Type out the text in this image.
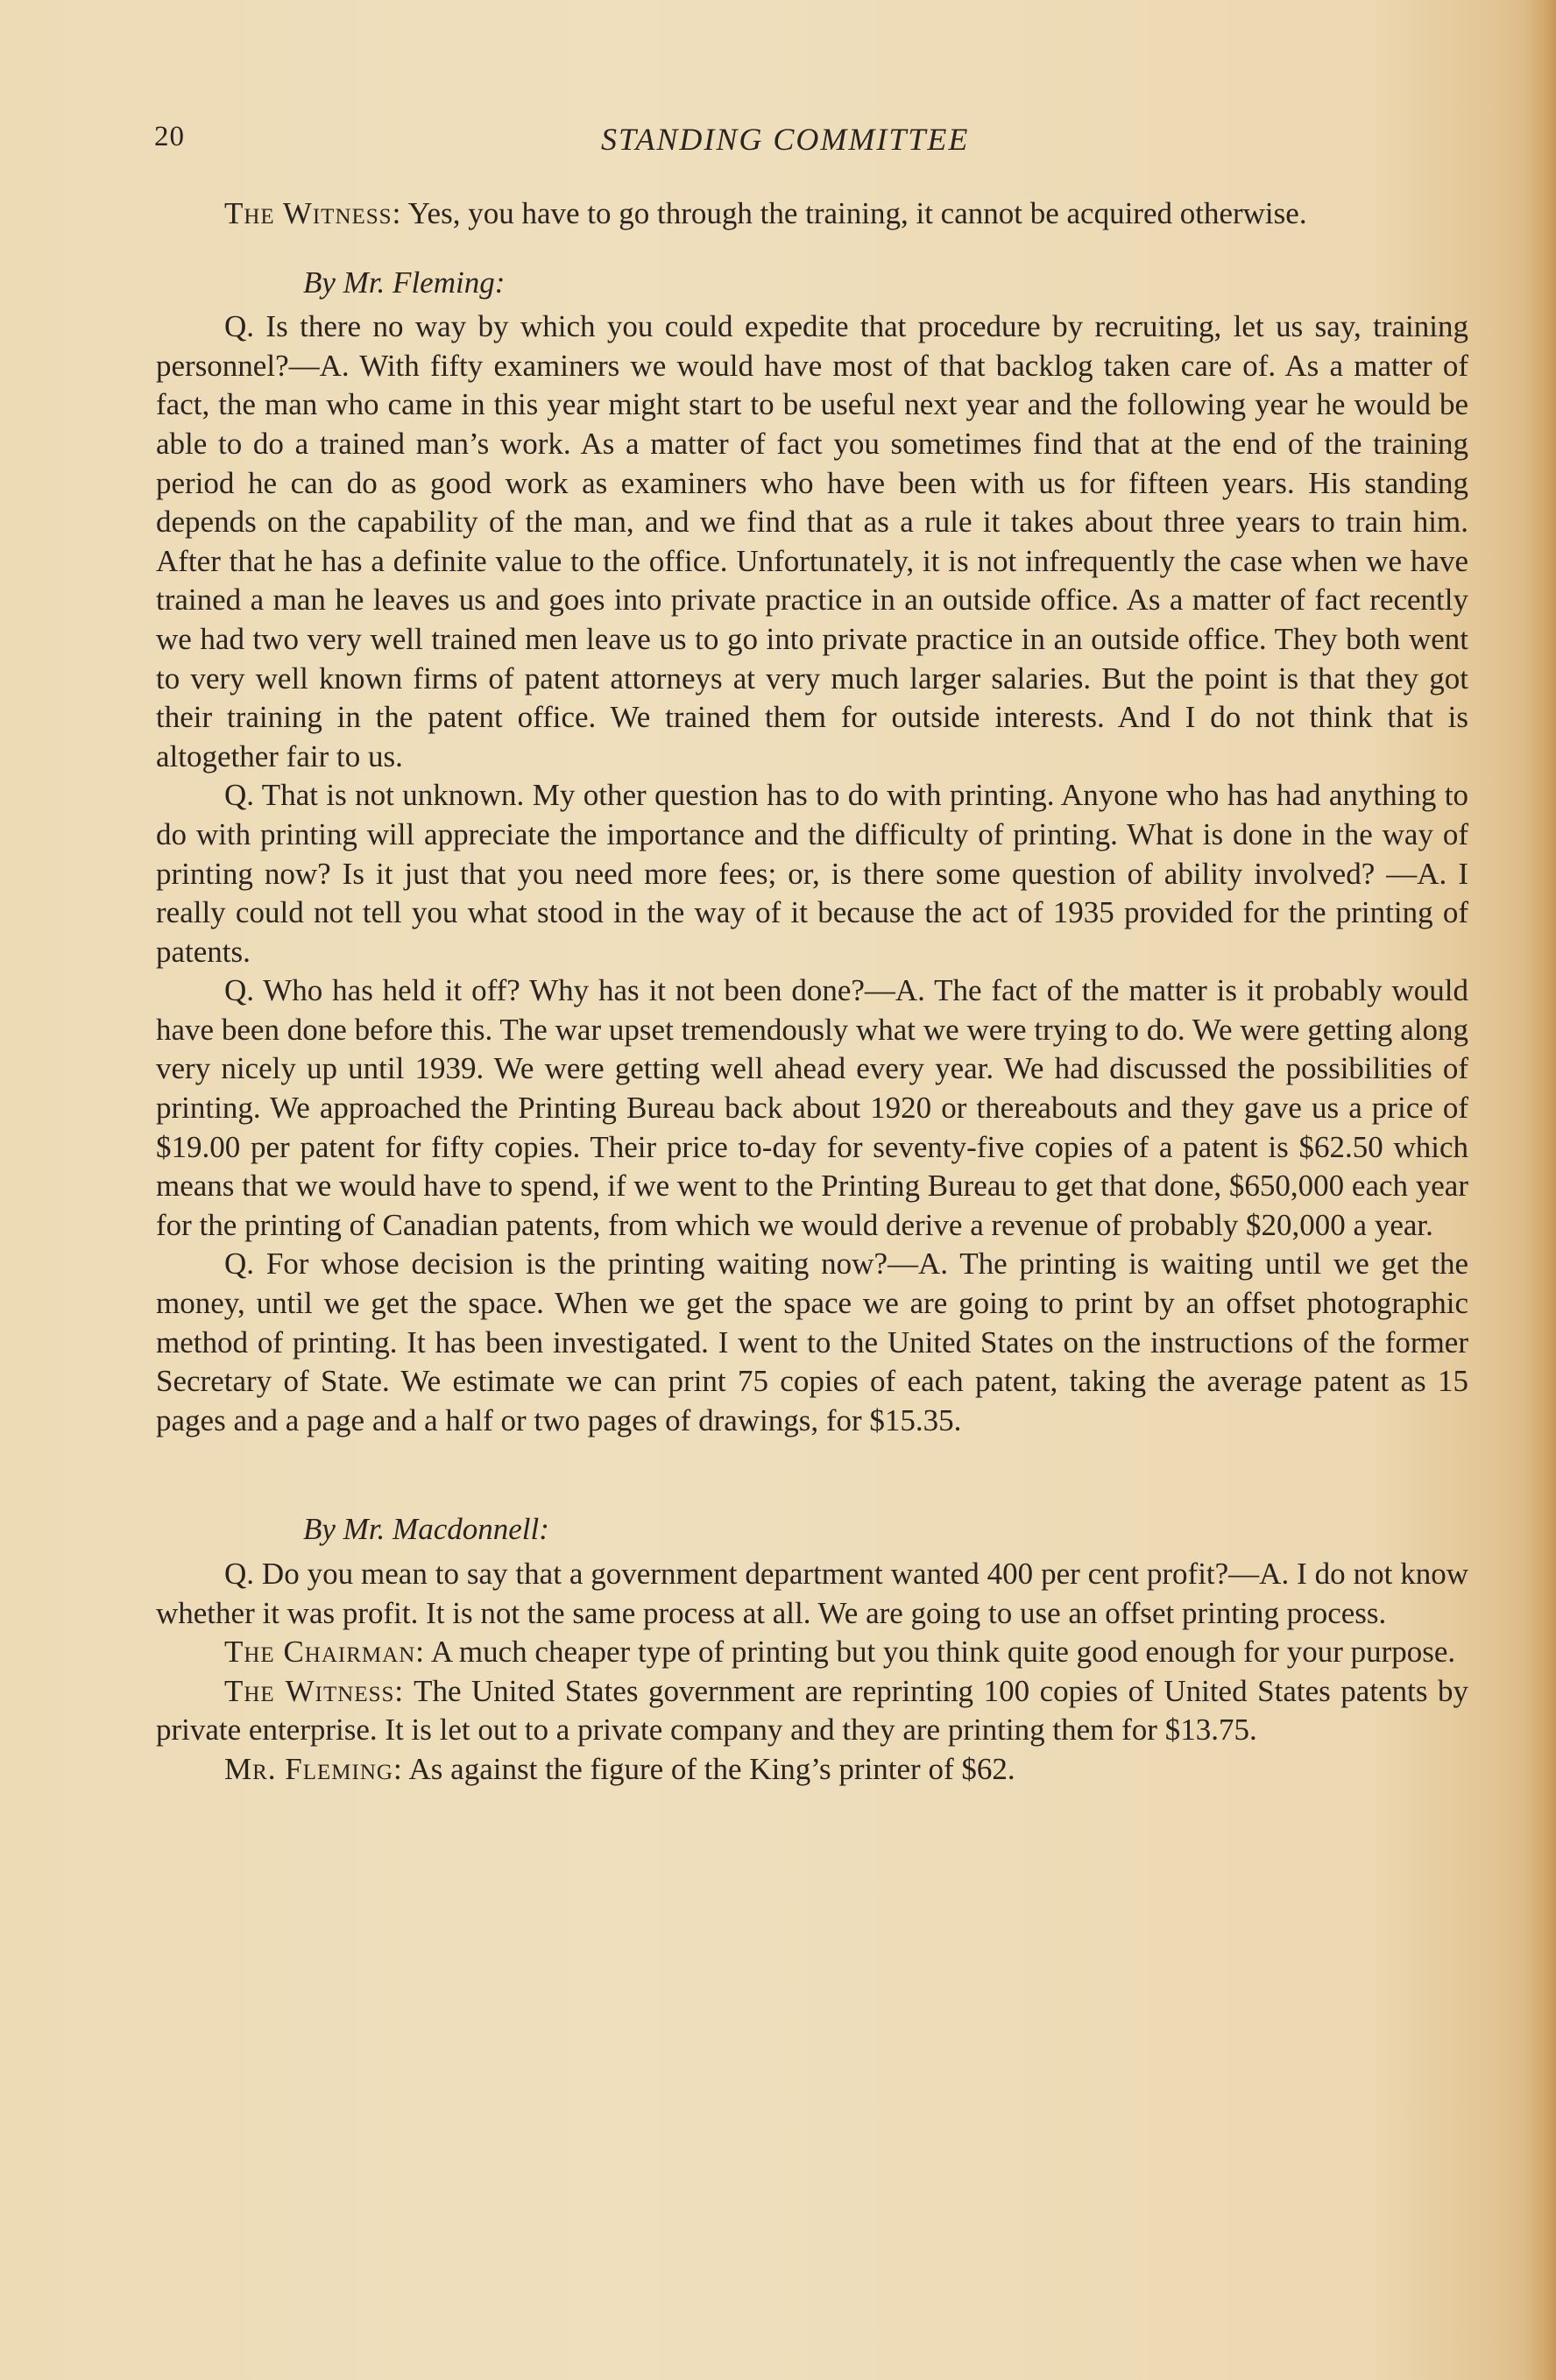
20	STANDING COMMITTEE

The Witness: Yes, you have to go through the training, it cannot be acquired otherwise.

By Mr. Fleming:

Q. Is there no way by which you could expedite that procedure by recruiting, let us say, training personnel?—A. With fifty examiners we would have most of that backlog taken care of. As a matter of fact, the man who came in this year might start to be useful next year and the following year he would be able to do a trained man’s work. As a matter of fact you sometimes find that at the end of the training period he can do as good work as examiners who have been with us for fifteen years. His standing depends on the capability of the man, and we find that as a rule it takes about three years to train him. After that he has a definite value to the office. Unfortunately, it is not infrequently the case when we have trained a man he leaves us and goes into private practice in an outside office. As a matter of fact recently we had two very well trained men leave us to go into private practice in an outside office. They both went to very well known firms of patent attorneys at very much larger salaries. But the point is that they got their training in the patent office. We trained them for outside interests. And I do not think that is altogether fair to us.

Q. That is not unknown. My other question has to do with printing. Anyone who has had anything to do with printing will appreciate the importance and the difficulty of printing. What is done in the way of printing now? Is it just that you need more fees; or, is there some question of ability involved? —A. I really could not tell you what stood in the way of it because the act of 1935 provided for the printing of patents.

Q. Who has held it off? Why has it not been done?—A. The fact of the matter is it probably would have been done before this. The war upset tremendously what we were trying to do. We were getting along very nicely up until 1939. We were getting well ahead every year. We had discussed the possibilities of printing. We approached the Printing Bureau back about 1920 or thereabouts and they gave us a price of $19.00 per patent for fifty copies. Their price to-day for seventy-five copies of a patent is $62.50 which means that we would have to spend, if we went to the Printing Bureau to get that done, $650,000 each year for the printing of Canadian patents, from which we would derive a revenue of probably $20,000 a year.

Q. For whose decision is the printing waiting now?—A. The printing is waiting until we get the money, until we get the space. When we get the space we are going to print by an offset photographic method of printing. It has been investigated. I went to the United States on the instructions of the former Secretary of State. We estimate we can print 75 copies of each patent, taking the average patent as 15 pages and a page and a half or two pages of drawings, for $15.35.

By Mr. Macdonnell:

Q. Do you mean to say that a government department wanted 400 per cent profit?—A. I do not know whether it was profit. It is not the same process at all. We are going to use an offset printing process.

The Chairman: A much cheaper type of printing but you think quite good enough for your purpose.

The Witness: The United States government are reprinting 100 copies of United States patents by private enterprise. It is let out to a private company and they are printing them for $13.75.

Mr. Fleming: As against the figure of the King’s printer of $62.
